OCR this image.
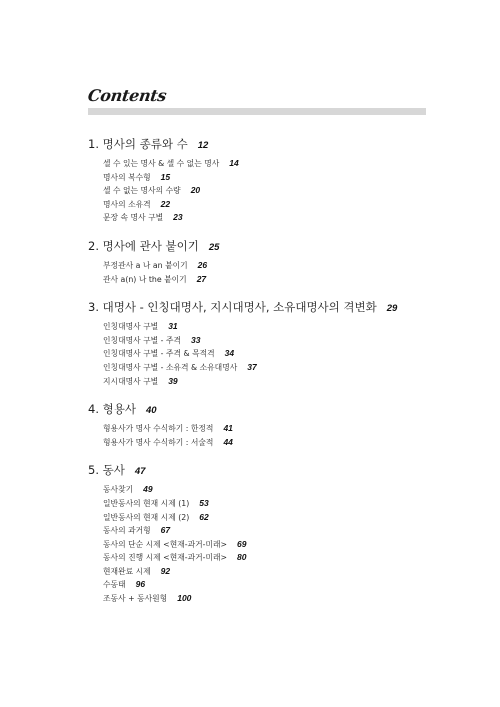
Contents
1. 명사의 종류와 수 12
셀 수 있는 명사 & 셀 수 없는 명사 14
명사의 복수형 15
셀 수 없는 명사의 수량 20
명사의 소유격 22
문장 속 명사 구별 23
2. 명사에 관사 붙이기 25
부정관사 a 나 an 붙이기 26
관사 a(n) 나 the 붙이기 27
3. 대명사 - 인칭대명사, 지시대명사, 소유대명사의 격변화 29
인칭대명사 구별 31
인칭대명사 구별 - 주격 33
인칭대명사 구별 - 주격 & 목적격 34
인칭대명사 구별 - 소유격 & 소유대명사 37
지시대명사 구별 39
4. 형용사 40
형용사가 명사 수식하기 : 한정적 41
형용사가 명사 수식하기 : 서술적 44
5. 동사 47
동사찾기 49
일반동사의 현재 시제 (1) 53
일반동사의 현재 시제 (2) 62
동사의 과거형 67
동사의 단순 시제 <현재-과거-미래> 69
동사의 진행 시제 <현재-과거-미래> 80
현재완료 시제 92
수동태 96
조동사 + 동사원형 100
